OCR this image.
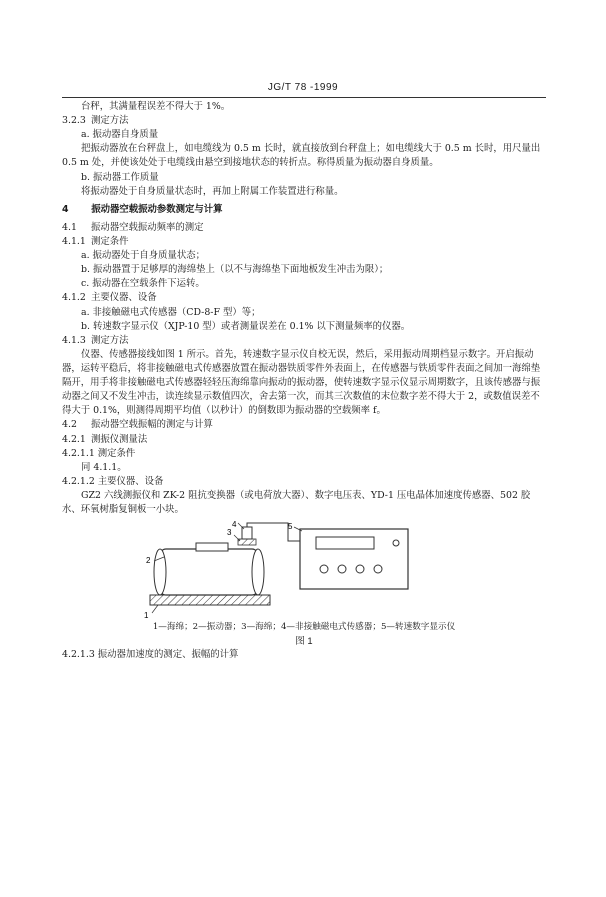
JG/T 78 -1999

台秤，其满量程误差不得大于 1%。

3.2.3 测定方法

a. 振动器自身质量

把振动器放在台秤盘上，如电缆线为 0.5 m 长时，就直接放到台秤盘上；如电缆线大于 0.5 m 长时，用尺量出 0.5 m 处，并使该处处于电缆线由悬空到接地状态的转折点。称得质量为振动器自身质量。

b. 振动器工作质量

将振动器处于自身质量状态时，再加上附属工作装置进行称量。

4 振动器空载振动参数测定与计算

4.1 振动器空载振动频率的测定

4.1.1 测定条件

a. 振动器处于自身质量状态；

b. 振动器置于足够厚的海绵垫上（以不与海绵垫下面地板发生冲击为限）；

c. 振动器在空载条件下运转。

4.1.2 主要仪器、设备

a. 非接触磁电式传感器（CD-8-F 型）等；

b. 转速数字显示仪（XJP-10 型）或者测量误差在 0.1% 以下测量频率的仪器。

4.1.3 测定方法

仪器、传感器接线如图 1 所示。首先，转速数字显示仪自校无误，然后，采用振动周期档显示数字。开启振动器，运转平稳后，将非接触磁电式传感器放置在振动器铁质零件外表面上，在传感器与铁质零件表面之间加一海绵垫隔开，用手将非接触磁电式传感器轻轻压海绵靠向振动的振动器，使转速数字显示仪显示周期数字，且该传感器与振动器之间又不发生冲击，读连续显示数值四次，舍去第一次，而其三次数值的末位数字差不得大于 2，或数值误差不得大于 0.1%，则测得周期平均值（以秒计）的倒数即为振动器的空载频率 f。

4.2 振动器空载振幅的测定与计算

4.2.1 测振仪测量法

4.2.1.1 测定条件

同 4.1.1。

4.2.1.2 主要仪器、设备

GZ2 六线测振仪和 ZK-2 阻抗变换器（或电荷放大器）、数字电压表、YD-1 压电晶体加速度传感器、502 胶水、环氧树脂复铜板一小块。

1
2
3
4	5

1—海绵；2—振动器；3—海绵；4—非接触磁电式传感器；5—转速数字显示仪

图 1

4.2.1.3 振动器加速度的测定、振幅的计算
